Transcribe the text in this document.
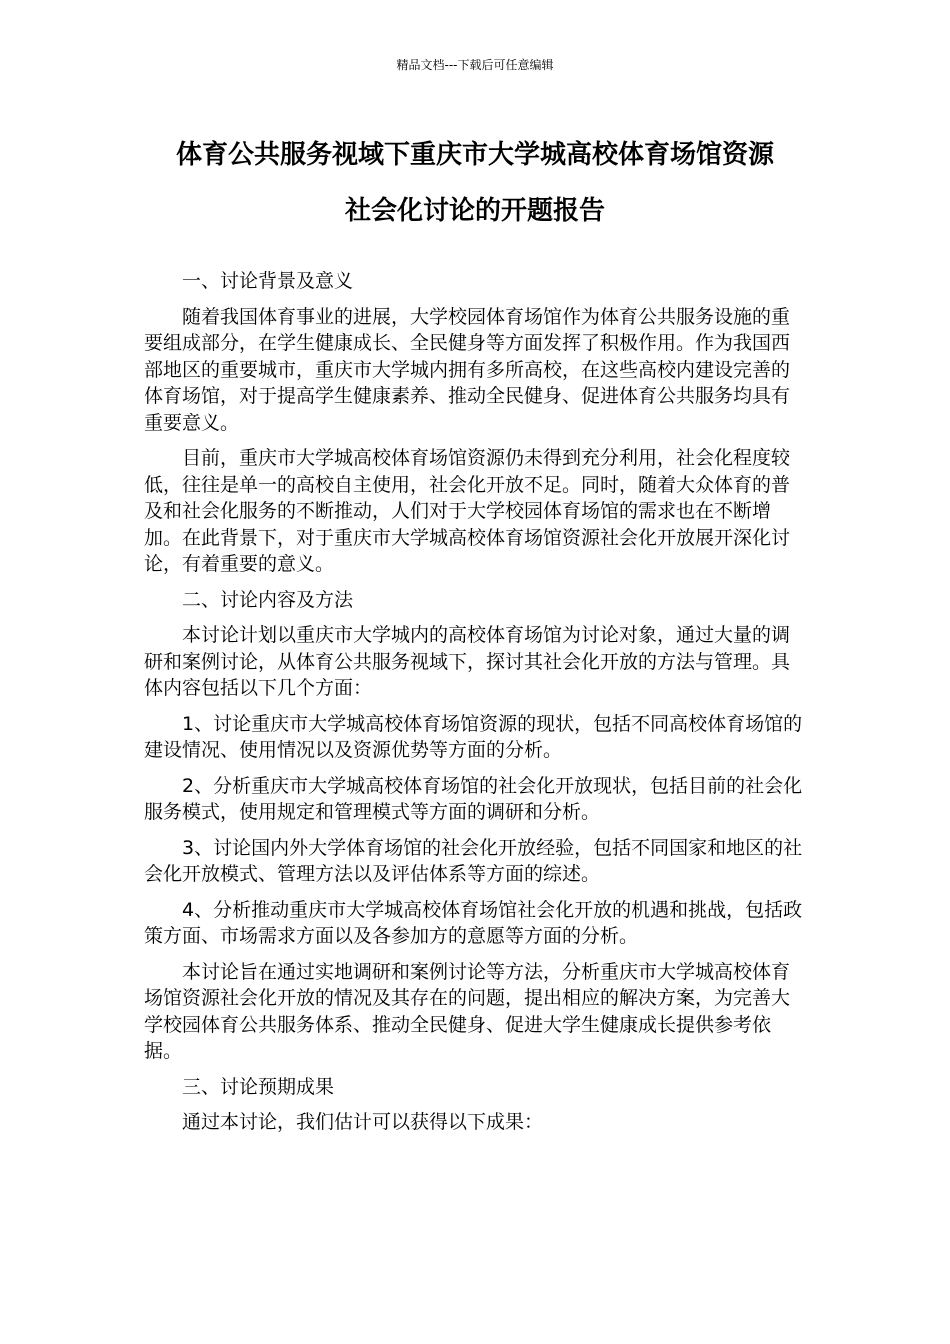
精品文档---下载后可任意编辑
体育公共服务视域下重庆市大学城高校体育场馆资源
社会化讨论的开题报告

一、讨论背景及意义

随着我国体育事业的进展，大学校园体育场馆作为体育公共服务设施的重要组成部分，在学生健康成长、全民健身等方面发挥了积极作用。作为我国西部地区的重要城市，重庆市大学城内拥有多所高校，在这些高校内建设完善的体育场馆，对于提高学生健康素养、推动全民健身、促进体育公共服务均具有重要意义。

目前，重庆市大学城高校体育场馆资源仍未得到充分利用，社会化程度较低，往往是单一的高校自主使用，社会化开放不足。同时，随着大众体育的普及和社会化服务的不断推动，人们对于大学校园体育场馆的需求也在不断增加。在此背景下，对于重庆市大学城高校体育场馆资源社会化开放展开深化讨论，有着重要的意义。

二、讨论内容及方法

本讨论计划以重庆市大学城内的高校体育场馆为讨论对象，通过大量的调研和案例讨论，从体育公共服务视域下，探讨其社会化开放的方法与管理。具体内容包括以下几个方面：

1、讨论重庆市大学城高校体育场馆资源的现状，包括不同高校体育场馆的建设情况、使用情况以及资源优势等方面的分析。

2、分析重庆市大学城高校体育场馆的社会化开放现状，包括目前的社会化服务模式，使用规定和管理模式等方面的调研和分析。

3、讨论国内外大学体育场馆的社会化开放经验，包括不同国家和地区的社会化开放模式、管理方法以及评估体系等方面的综述。

4、分析推动重庆市大学城高校体育场馆社会化开放的机遇和挑战，包括政策方面、市场需求方面以及各参加方的意愿等方面的分析。

本讨论旨在通过实地调研和案例讨论等方法，分析重庆市大学城高校体育场馆资源社会化开放的情况及其存在的问题，提出相应的解决方案，为完善大学校园体育公共服务体系、推动全民健身、促进大学生健康成长提供参考依据。

三、讨论预期成果

通过本讨论，我们估计可以获得以下成果：
